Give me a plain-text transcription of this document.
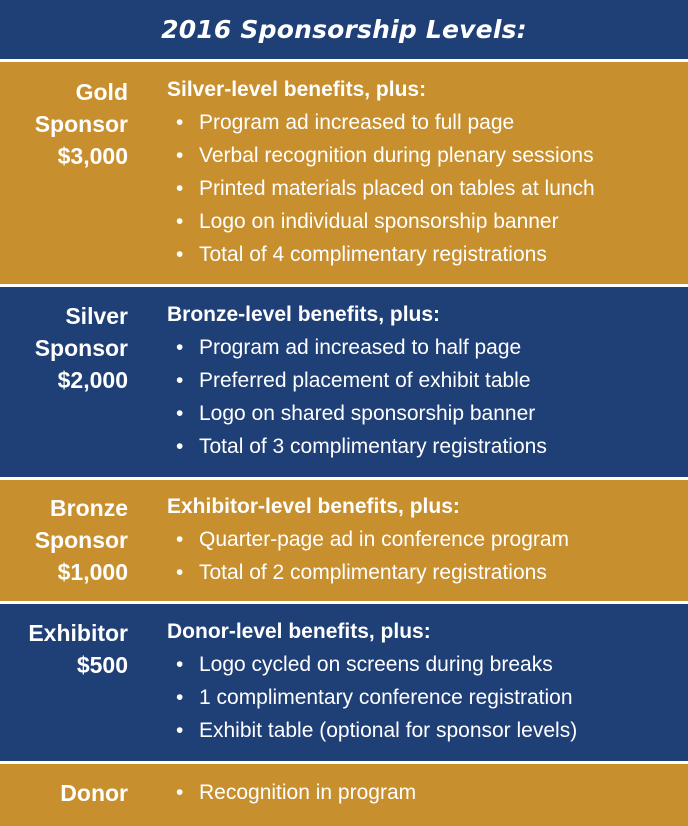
2016 Sponsorship Levels:
Gold
Sponsor
$3,000
Silver-level benefits, plus:
• Program ad increased to full page
• Verbal recognition during plenary sessions
• Printed materials placed on tables at lunch
• Logo on individual sponsorship banner
• Total of 4 complimentary registrations
Silver
Sponsor
$2,000
Bronze-level benefits, plus:
• Program ad increased to half page
• Preferred placement of exhibit table
• Logo on shared sponsorship banner
• Total of 3 complimentary registrations
Bronze
Sponsor
$1,000
Exhibitor-level benefits, plus:
• Quarter-page ad in conference program
• Total of 2 complimentary registrations
Exhibitor
$500
Donor-level benefits, plus:
• Logo cycled on screens during breaks
• 1 complimentary conference registration
• Exhibit table (optional for sponsor levels)
Donor
•	Recognition in program
